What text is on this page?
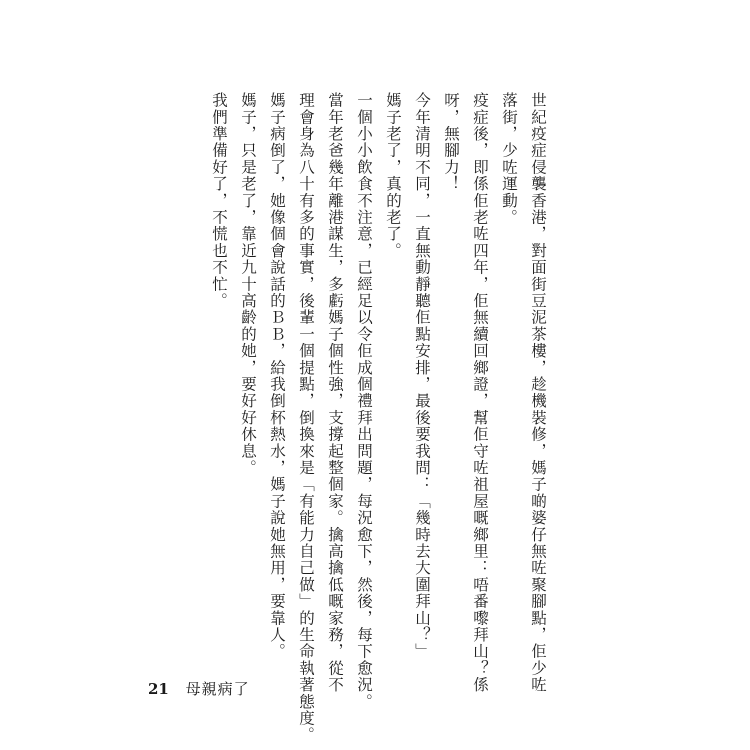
世紀疫症侵襲香港，對面街豆泥茶樓，趁機裝修，媽子啲婆仔無咗聚腳點，佢少咗
落街，少咗運動。
疫症後，即係佢老咗四年，佢無續回鄉證，幫佢守咗祖屋嘅鄉里：唔番嚟拜山？係
呀，無腳力！
今年清明不同，一直無動靜聽佢點安排，最後要我問：「幾時去大圍拜山？」
媽子老了，真的老了。
一個小小飲食不注意，已經足以令佢成個禮拜出問題，每況愈下，然後，每下愈況。
當年老爸幾年離港謀生，多虧媽子個性強，支撐起整個家。擒高擒低嘅家務，從不
理會身為八十有多的事實，後輩一個提點，倒換來是「有能力自己做」的生命執著態度。
媽子病倒了，她像個會說話的ＢＢ，給我倒杯熱水，媽子說她無用，要靠人。
媽子，只是老了，靠近九十高齡的她，要好好休息。
我們準備好了，不慌也不忙。
21 母親病了
